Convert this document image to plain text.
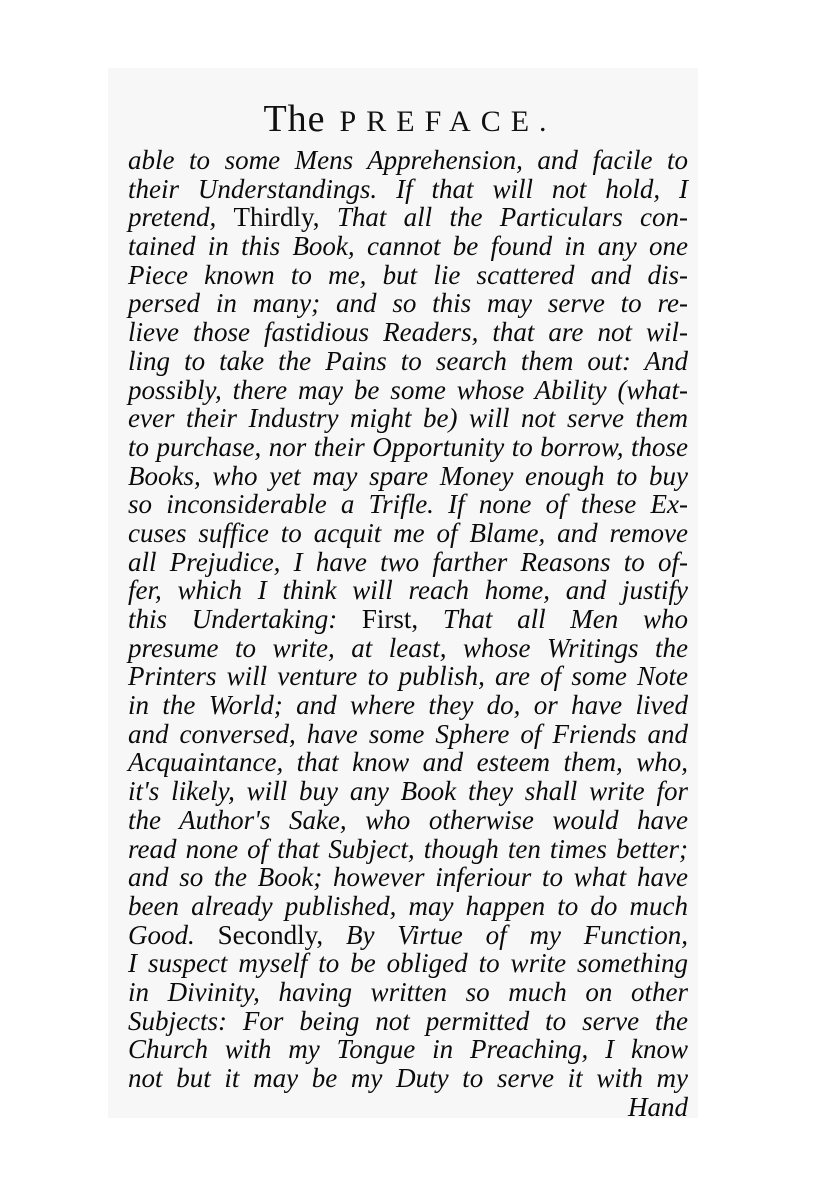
The PREFACE.
able to some Mens Apprehension, and facile to
their Understandings. If that will not hold, I
pretend, Thirdly, That all the Particulars con-
tained in this Book, cannot be found in any one
Piece known to me, but lie scattered and dis-
persed in many; and so this may serve to re-
lieve those fastidious Readers, that are not wil-
ling to take the Pains to search them out: And
possibly, there may be some whose Ability (what-
ever their Industry might be) will not serve them
to purchase, nor their Opportunity to borrow, those
Books, who yet may spare Money enough to buy
so inconsiderable a Trifle. If none of these Ex-
cuses suffice to acquit me of Blame, and remove
all Prejudice, I have two farther Reasons to of-
fer, which I think will reach home, and justify
this Undertaking: First, That all Men who
presume to write, at least, whose Writings the
Printers will venture to publish, are of some Note
in the World; and where they do, or have lived
and conversed, have some Sphere of Friends and
Acquaintance, that know and esteem them, who,
it's likely, will buy any Book they shall write for
the Author's Sake, who otherwise would have
read none of that Subject, though ten times better;
and so the Book; however inferiour to what have
been already published, may happen to do much
Good. Secondly, By Virtue of my Function,
I suspect myself to be obliged to write something
in Divinity, having written so much on other
Subjects: For being not permitted to serve the
Church with my Tongue in Preaching, I know
not but it may be my Duty to serve it with my
Hand
